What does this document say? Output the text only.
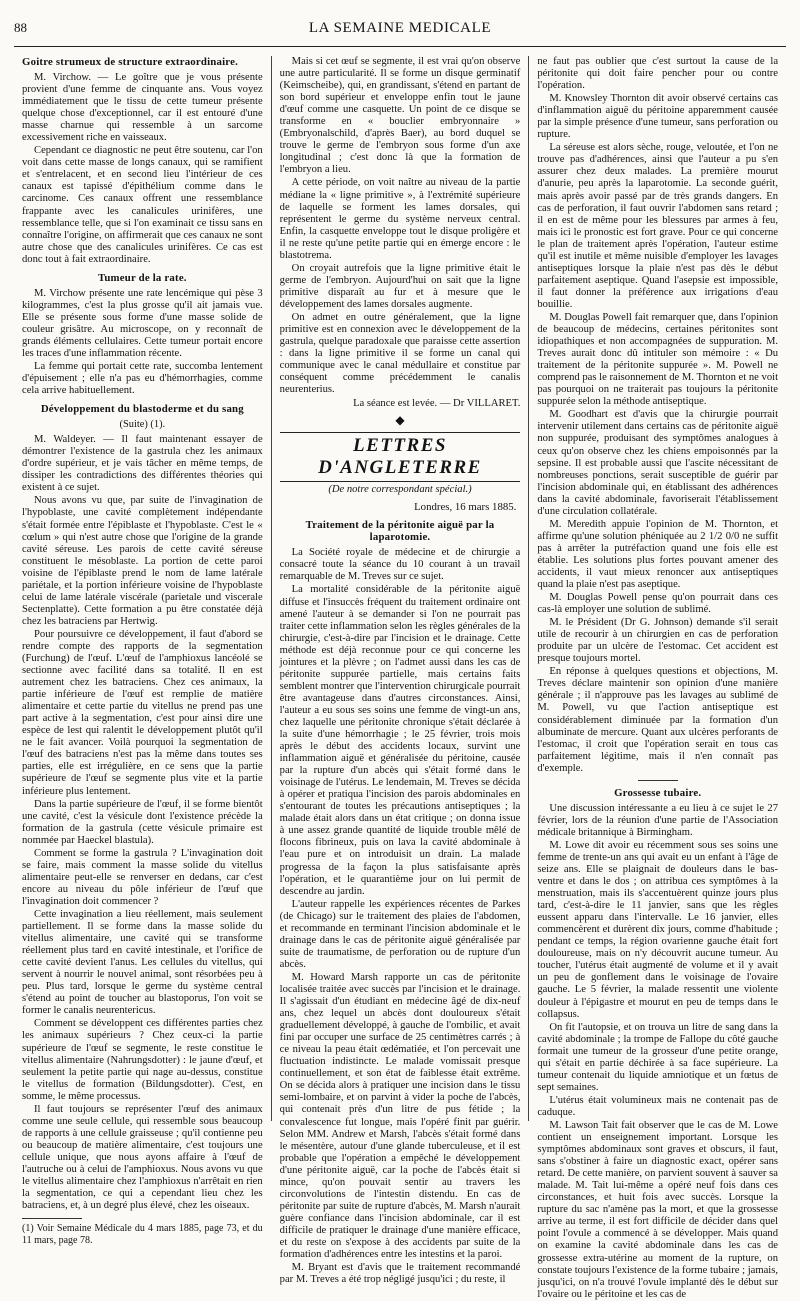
88	LA SEMAINE MEDICALE
Goitre strumeux de structure extraordinaire.

M. Virchow. — Le goître que je vous présente provient d'une femme de cinquante ans. Vous voyez immédiatement que le tissu de cette tumeur présente quelque chose d'exceptionnel, car il est entouré d'une masse charnue qui ressemble à un sarcome excessivement riche en vaisseaux.

Cependant ce diagnostic ne peut être soutenu, car l'on voit dans cette masse de longs canaux, qui se ramifient et s'entrelacent, et en second lieu l'intérieur de ces canaux est tapissé d'épithélium comme dans le carcinome. Ces canaux offrent une ressemblance frappante avec les canalicules urinifères, une ressemblance telle, que si l'on examinait ce tissu sans en connaître l'origine, on affirmerait que ces canaux ne sont autre chose que des canalicules urinifères. Ce cas est donc tout à fait extraordinaire.

Tumeur de la rate.

M. Virchow présente une rate lencémique qui pèse 3 kilogrammes, c'est la plus grosse qu'il ait jamais vue. Elle se présente sous forme d'une masse solide de couleur grisâtre. Au microscope, on y reconnaît de grands éléments cellulaires. Cette tumeur portait encore les traces d'une inflammation récente.

La femme qui portait cette rate, succomba lentement d'épuisement ; elle n'a pas eu d'hémorrhagies, comme cela arrive habituellement.

Développement du blastoderme et du sang
(Suite) (1).

M. Waldeyer. — Il faut maintenant essayer de démontrer l'existence de la gastrula chez les animaux d'ordre supérieur, et je vais tâcher en même temps, de dissiper les contradictions des différentes théories qui existent à ce sujet.

Nous avons vu que, par suite de l'invagination de l'hypoblaste, une cavité complètement indépendante s'était formée entre l'épiblaste et l'hypoblaste. C'est le « cœlum » qui n'est autre chose que l'origine de la grande cavité séreuse. Les parois de cette cavité séreuse constituent le mésoblaste. La portion de cette paroi voisine de l'épiblaste prend le nom de lame latérale pariétale, et la portion inférieure voisine de l'hypoblaste celui de lame latérale viscérale (parietale und viscerale Sectenplatte). Cette formation a pu être constatée déjà chez les batraciens par Hertwig.

Pour poursuivre ce développement, il faut d'abord se rendre compte des rapports de la segmentation (Furchung) de l'œuf. L'œuf de l'amphioxus lancéolé se sectionne avec facilité dans sa totalité. Il en est autrement chez les batraciens. Chez ces animaux, la partie inférieure de l'œuf est remplie de matière alimentaire et cette partie du vitellus ne prend pas une part active à la segmentation, c'est pour ainsi dire une espèce de lest qui ralentit le développement plutôt qu'il ne le fait avancer. Voilà pourquoi la segmentation de l'œuf des batraciens n'est pas la même dans toutes ses parties, elle est irrégulière, en ce sens que la partie supérieure de l'œuf se segmente plus vite et la partie inférieure plus lentement.

Dans la partie supérieure de l'œuf, il se forme bientôt une cavité, c'est la vésicule dont l'existence précède la formation de la gastrula (cette vésicule primaire est nommée par Haeckel blastula).

Comment se forme la gastrula ? L'invagination doit se faire, mais comment la masse solide du vitellus alimentaire peut-elle se renverser en dedans, car c'est encore au niveau du pôle inférieur de l'œuf que l'invagination doit commencer ?

Cette invagination a lieu réellement, mais seulement partiellement. Il se forme dans la masse solide du vitellus alimentaire, une cavité qui se transforme réellement plus tard en cavité intestinale, et l'orifice de cette cavité devient l'anus. Les cellules du vitellus, qui servent à nourrir le nouvel animal, sont résorbées peu à peu. Plus tard, lorsque le germe du système central s'étend au point de toucher au blastoporus, l'on voit se former le canalis neurentericus.

Comment se développent ces différentes parties chez les animaux supérieurs ? Chez ceux-ci la partie supérieure de l'œuf se segmente, le reste constitue le vitellus alimentaire (Nahrungsdotter) : le jaune d'œuf, et seulement la petite partie qui nage au-dessus, constitue le vitellus de formation (Bildungsdotter). C'est, en somme, le même processus.

Il faut toujours se représenter l'œuf des animaux comme une seule cellule, qui ressemble sous beaucoup de rapports à une cellule graisseuse ; qu'il contienne peu ou beaucoup de matière alimentaire, c'est toujours une cellule unique, que nous ayons affaire à l'œuf de l'autruche ou à celui de l'amphioxus. Nous avons vu que le vitellus alimentaire chez l'amphioxus n'arrêtait en rien la segmentation, ce qui a cependant lieu chez les batraciens, et, à un degré plus élevé, chez les oiseaux.

(1) Voir Semaine Médicale du 4 mars 1885, page 73, et du 11 mars, page 78.

Mais si cet œuf se segmente, il est vrai qu'on observe une autre particularité. Il se forme un disque germinatif (Keimscheibe), qui, en grandissant, s'étend en partant de son bord supérieur et enveloppe enfin tout le jaune d'œuf comme une casquette. Un point de ce disque se transforme en « bouclier embryonnaire » (Embryonalschild, d'après Baer), au bord duquel se trouve le germe de l'embryon sous forme d'un axe longitudinal ; c'est donc là que la formation de l'embryon a lieu.

A cette période, on voit naître au niveau de la partie médiane la « ligne primitive », à l'extrémité supérieure de laquelle se forment les lames dorsales, qui représentent le germe du système nerveux central. Enfin, la casquette enveloppe tout le disque proligère et il ne reste qu'une petite partie qui en émerge encore : le blastotrema.

On croyait autrefois que la ligne primitive était le germe de l'embryon. Aujourd'hui on sait que la ligne primitive disparaît au fur et à mesure que le développement des lames dorsales augmente.

On admet en outre généralement, que la ligne primitive est en connexion avec le développement de la gastrula, quelque paradoxale que paraisse cette assertion : dans la ligne primitive il se forme un canal qui communique avec le canal médullaire et constitue par conséquent comme précédemment le canalis neurenterius.

La séance est levée. — Dr VILLARET.
◆
LETTRES D'ANGLETERRE
(De notre correspondant spécial.)
Londres, 16 mars 1885.
Traitement de la péritonite aiguë par la laparotomie.

La Société royale de médecine et de chirurgie a consacré toute la séance du 10 courant à un travail remarquable de M. Treves sur ce sujet.

La mortalité considérable de la péritonite aiguë diffuse et l'insuccès fréquent du traitement ordinaire ont amené l'auteur à se demander si l'on ne pourrait pas traiter cette inflammation selon les règles générales de la chirurgie, c'est-à-dire par l'incision et le drainage. Cette méthode est déjà reconnue pour ce qui concerne les jointures et la plèvre ; on l'admet aussi dans les cas de péritonite suppurée partielle, mais certains faits semblent montrer que l'intervention chirurgicale pourrait être avantageuse dans d'autres circonstances. Ainsi, l'auteur a eu sous ses soins une femme de vingt-un ans, chez laquelle une péritonite chronique s'était déclarée à la suite d'une hémorrhagie ; le 25 février, trois mois après le début des accidents locaux, survint une inflammation aiguë et généralisée du péritoine, causée par la rupture d'un abcès qui s'était formé dans le voisinage de l'utérus. Le lendemain, M. Treves se décida à opérer et pratiqua l'incision des parois abdominales en s'entourant de toutes les précautions antiseptiques ; la malade était alors dans un état critique ; on donna issue à une assez grande quantité de liquide trouble mêlé de flocons fibrineux, puis on lava la cavité abdominale à l'eau pure et on introduisit un drain. La malade progressa de la façon la plus satisfaisante après l'opération, et le quarantième jour on lui permit de descendre au jardin.

L'auteur rappelle les expériences récentes de Parkes (de Chicago) sur le traitement des plaies de l'abdomen, et recommande en terminant l'incision abdominale et le drainage dans le cas de péritonite aiguë généralisée par suite de traumatisme, de perforation ou de rupture d'un abcès.

M. Howard Marsh rapporte un cas de péritonite localisée traitée avec succès par l'incision et le drainage. Il s'agissait d'un étudiant en médecine âgé de dix-neuf ans, chez lequel un abcès dont douloureux s'était graduellement développé, à gauche de l'ombilic, et avait fini par occuper une surface de 25 centimètres carrés ; à ce niveau la peau était œdématiée, et l'on percevait une fluctuation indistincte. Le malade vomissait presque continuellement, et son état de faiblesse était extrême. On se décida alors à pratiquer une incision dans le tissu semi-lombaire, et on parvint à vider la poche de l'abcès, qui contenait près d'un litre de pus fétide ; la convalescence fut longue, mais l'opéré finit par guérir. Selon MM. Andrew et Marsh, l'abcès s'était formé dans le mésentère, autour d'une glande tuberculeuse, et il est probable que l'opération a empêché le développement d'une péritonite aiguë, car la poche de l'abcès était si mince, qu'on pouvait sentir au travers les circonvolutions de l'intestin distendu. En cas de péritonite par suite de rupture d'abcès, M. Marsh n'aurait guère confiance dans l'incision abdominale, car il est difficile de pratiquer le drainage d'une manière efficace, et du reste on s'expose à des accidents par suite de la formation d'adhérences entre les intestins et la paroi.

M. Bryant est d'avis que le traitement recommandé par M. Treves a été trop négligé jusqu'ici ; du reste, il

ne faut pas oublier que c'est surtout la cause de la péritonite qui doit faire pencher pour ou contre l'opération.

M. Knowsley Thornton dit avoir observé certains cas d'inflammation aiguë du péritoine apparemment causée par la simple présence d'une tumeur, sans perforation ou rupture.

La séreuse est alors sèche, rouge, veloutée, et l'on ne trouve pas d'adhérences, ainsi que l'auteur a pu s'en assurer chez deux malades. La première mourut d'anurie, peu après la laparotomie. La seconde guérit, mais après avoir passé par de très grands dangers. En cas de perforation, il faut ouvrir l'abdomen sans retard ; il en est de même pour les blessures par armes à feu, mais ici le pronostic est fort grave. Pour ce qui concerne le plan de traitement après l'opération, l'auteur estime qu'il est inutile et même nuisible d'employer les lavages antiseptiques lorsque la plaie n'est pas dès le début parfaitement aseptique. Quand l'asepsie est impossible, il faut donner la préférence aux irrigations d'eau bouillie.

M. Douglas Powell fait remarquer que, dans l'opinion de beaucoup de médecins, certaines péritonites sont idiopathiques et non accompagnées de suppuration. M. Treves aurait donc dû intituler son mémoire : « Du traitement de la péritonite suppurée ». M. Powell ne comprend pas le raisonnement de M. Thornton et ne voit pas pourquoi on ne traiterait pas toujours la péritonite suppurée selon la méthode antiseptique.

M. Goodhart est d'avis que la chirurgie pourrait intervenir utilement dans certains cas de péritonite aiguë non suppurée, produisant des symptômes analogues à ceux qu'on observe chez les chiens empoisonnés par la sepsine. Il est probable aussi que l'ascite nécessitant de nombreuses ponctions, serait susceptible de guérir par l'incision abdominale qui, en établissant des adhérences dans la cavité abdominale, favoriserait l'établissement d'une circulation collatérale.

M. Meredith appuie l'opinion de M. Thornton, et affirme qu'une solution phéniquée au 2 1/2 0/0 ne suffit pas à arrêter la putréfaction quand une fois elle est établie. Les solutions plus fortes pouvant amener des accidents, il vaut mieux renoncer aux antiseptiques quand la plaie n'est pas aseptique.

M. Douglas Powell pense qu'on pourrait dans ces cas-là employer une solution de sublimé.

M. le Président (Dr G. Johnson) demande s'il serait utile de recourir à un chirurgien en cas de perforation produite par un ulcère de l'estomac. Cet accident est presque toujours mortel.

En réponse à quelques questions et objections, M. Treves déclare maintenir son opinion d'une manière générale ; il n'approuve pas les lavages au sublimé de M. Powell, vu que l'action antiseptique est considérablement diminuée par la formation d'un albuminate de mercure. Quant aux ulcères perforants de l'estomac, il croit que l'opération serait en tous cas parfaitement légitime, mais il n'en connaît pas d'exemple.

Grossesse tubaire.

Une discussion intéressante a eu lieu à ce sujet le 27 février, lors de la réunion d'une partie de l'Association médicale britannique à Birmingham.

M. Lowe dit avoir eu récemment sous ses soins une femme de trente-un ans qui avait eu un enfant à l'âge de seize ans. Elle se plaignait de douleurs dans le bas-ventre et dans le dos ; on attribua ces symptômes à la menstruation, mais ils s'accentuèrent quinze jours plus tard, c'est-à-dire le 11 janvier, sans que les règles eussent apparu dans l'intervalle. Le 16 janvier, elles commencèrent et durèrent dix jours, comme d'habitude ; pendant ce temps, la région ovarienne gauche était fort douloureuse, mais on n'y découvrit aucune tumeur. Au toucher, l'utérus était augmenté de volume et il y avait un peu de gonflement dans le voisinage de l'ovaire gauche. Le 5 février, la malade ressentit une violente douleur à l'épigastre et mourut en peu de temps dans le collapsus.

On fit l'autopsie, et on trouva un litre de sang dans la cavité abdominale ; la trompe de Fallope du côté gauche formait une tumeur de la grosseur d'une petite orange, qui s'était en partie déchirée à sa face supérieure. La tumeur contenait du liquide amniotique et un fœtus de sept semaines.

L'utérus était volumineux mais ne contenait pas de caduque.

M. Lawson Tait fait observer que le cas de M. Lowe contient un enseignement important. Lorsque les symptômes abdominaux sont graves et obscurs, il faut, sans s'obstiner à faire un diagnostic exact, opérer sans retard. De cette manière, on parvient souvent à sauver sa malade. M. Tait lui-même a opéré neuf fois dans ces circonstances, et huit fois avec succès. Lorsque la rupture du sac n'amène pas la mort, et que la grossesse arrive au terme, il est fort difficile de décider dans quel point l'ovule a commencé à se développer. Mais quand on examine la cavité abdominale dans les cas de grossesse extra-utérine au moment de la rupture, on constate toujours l'existence de la forme tubaire ; jamais, jusqu'ici, on n'a trouvé l'ovule implanté dès le début sur l'ovaire ou le péritoine et les cas de
